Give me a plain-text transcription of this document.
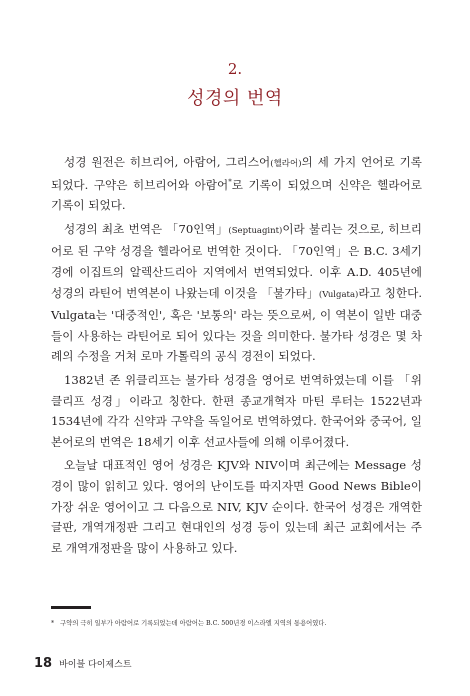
2.
성경의 번역

성경 원전은 히브리어, 아람어, 그리스어(헬라어)의 세 가지 언어로 기록되었다. 구약은 히브리어와 아람어*로 기록이 되었으며 신약은 헬라어로 기록이 되었다.

성경의 최초 번역은 「70인역」(Septuagint)이라 불리는 것으로, 히브리어로 된 구약 성경을 헬라어로 번역한 것이다. 「70인역」은 B.C. 3세기경에 이집트의 알렉산드리아 지역에서 번역되었다. 이후 A.D. 405년에 성경의 라틴어 번역본이 나왔는데 이것을 「불가타」(Vulgata)라고 칭한다. Vulgata는 '대중적인', 혹은 '보통의' 라는 뜻으로써, 이 역본이 일반 대중들이 사용하는 라틴어로 되어 있다는 것을 의미한다. 불가타 성경은 몇 차례의 수정을 거쳐 로마 가톨릭의 공식 경전이 되었다.

1382년 존 위클리프는 불가타 성경을 영어로 번역하였는데 이를 「위클리프 성경」이라고 칭한다. 한편 종교개혁자 마틴 루터는 1522년과 1534년에 각각 신약과 구약을 독일어로 번역하였다. 한국어와 중국어, 일본어로의 번역은 18세기 이후 선교사들에 의해 이루어졌다.

오늘날 대표적인 영어 성경은 KJV와 NIV이며 최근에는 Message 성경이 많이 읽히고 있다. 영어의 난이도를 따지자면 Good News Bible이 가장 쉬운 영어이고 그 다음으로 NIV, KJV 순이다. 한국어 성경은 개역한글판, 개역개정판 그리고 현대인의 성경 등이 있는데 최근 교회에서는 주로 개역개정판을 많이 사용하고 있다.

* 구약의 극히 일부가 아람어로 기록되었는데 아람어는 B.C. 500년경 이스라엘 지역의 통용어였다.
18 바이블 다이제스트
